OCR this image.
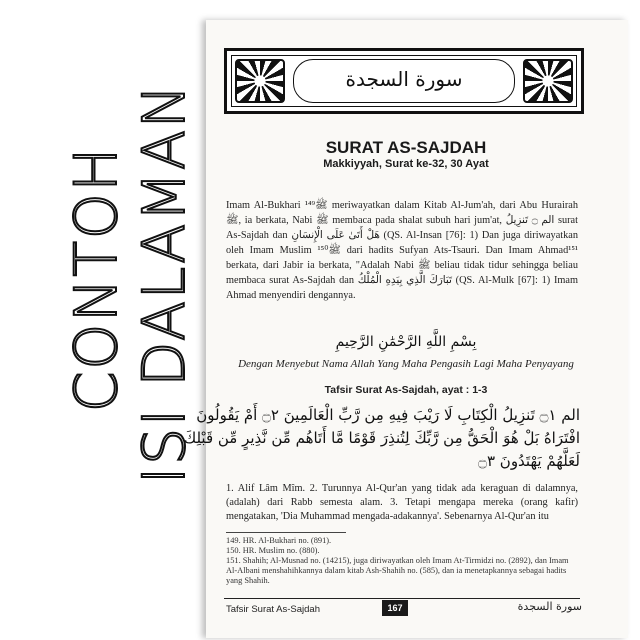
CONTOH ISI DALAMAN
سورة السجدة
SURAT AS-SAJDAH
Makkiyyah, Surat ke-32, 30 Ayat
Imam Al-Bukhari ﷺ¹⁴⁹ meriwayatkan dalam Kitab Al-Jum'ah, dari Abu Hurairah ﷺ, ia berkata, Nabi ﷺ membaca pada shalat subuh hari jum'at, الم ۝ تَنزِيلُ surat As-Sajdah dan هَلْ أَتَىٰ عَلَى الْإِنسَانِ (QS. Al-Insan [76]: 1) Dan juga diriwayatkan oleh Imam Muslim ﷺ¹⁵⁰ dari hadits Sufyan Ats-Tsauri. Dan Imam Ahmad¹⁵¹ berkata, dari Jabir ia berkata, "Adalah Nabi ﷺ beliau tidak tidur sehingga beliau membaca surat As-Sajdah dan تَبَارَكَ الَّذِي بِيَدِهِ الْمُلْكُ (QS. Al-Mulk [67]: 1) Imam Ahmad menyendiri dengannya.
بِسْمِ اللَّهِ الرَّحْمَٰنِ الرَّحِيمِ
Dengan Menyebut Nama Allah Yang Maha Pengasih Lagi Maha Penyayang
Tafsir Surat As-Sajdah, ayat : 1-3
الم ۝١ تَنزِيلُ الْكِتَابِ لَا رَيْبَ فِيهِ مِن رَّبِّ الْعَالَمِينَ ۝٢ أَمْ يَقُولُونَ
افْتَرَاهُ بَلْ هُوَ الْحَقُّ مِن رَّبِّكَ لِتُنذِرَ قَوْمًا مَّا أَتَاهُم مِّن نَّذِيرٍ مِّن قَبْلِكَ
لَعَلَّهُمْ يَهْتَدُونَ ۝٣
1. Alif Lâm Mîm. 2. Turunnya Al-Qur'an yang tidak ada keraguan di dalamnya, (adalah) dari Rabb semesta alam. 3. Tetapi mengapa mereka (orang kafir) mengatakan, 'Dia Muhammad mengada-adakannya'. Sebenarnya Al-Qur'an itu
149. HR. Al-Bukhari no. (891).
150. HR. Muslim no. (880).
151. Shahih; Al-Musnad no. (14215), juga diriwayatkan oleh Imam At-Tirmidzi no. (2892), dan Imam Al-Albani menshahihkannya dalam kitab Ash-Shahih no. (585), dan ia menetapkannya sebagai hadits yang Shahih.
Tafsir Surat As-Sajdah	167	سورة السجدة
